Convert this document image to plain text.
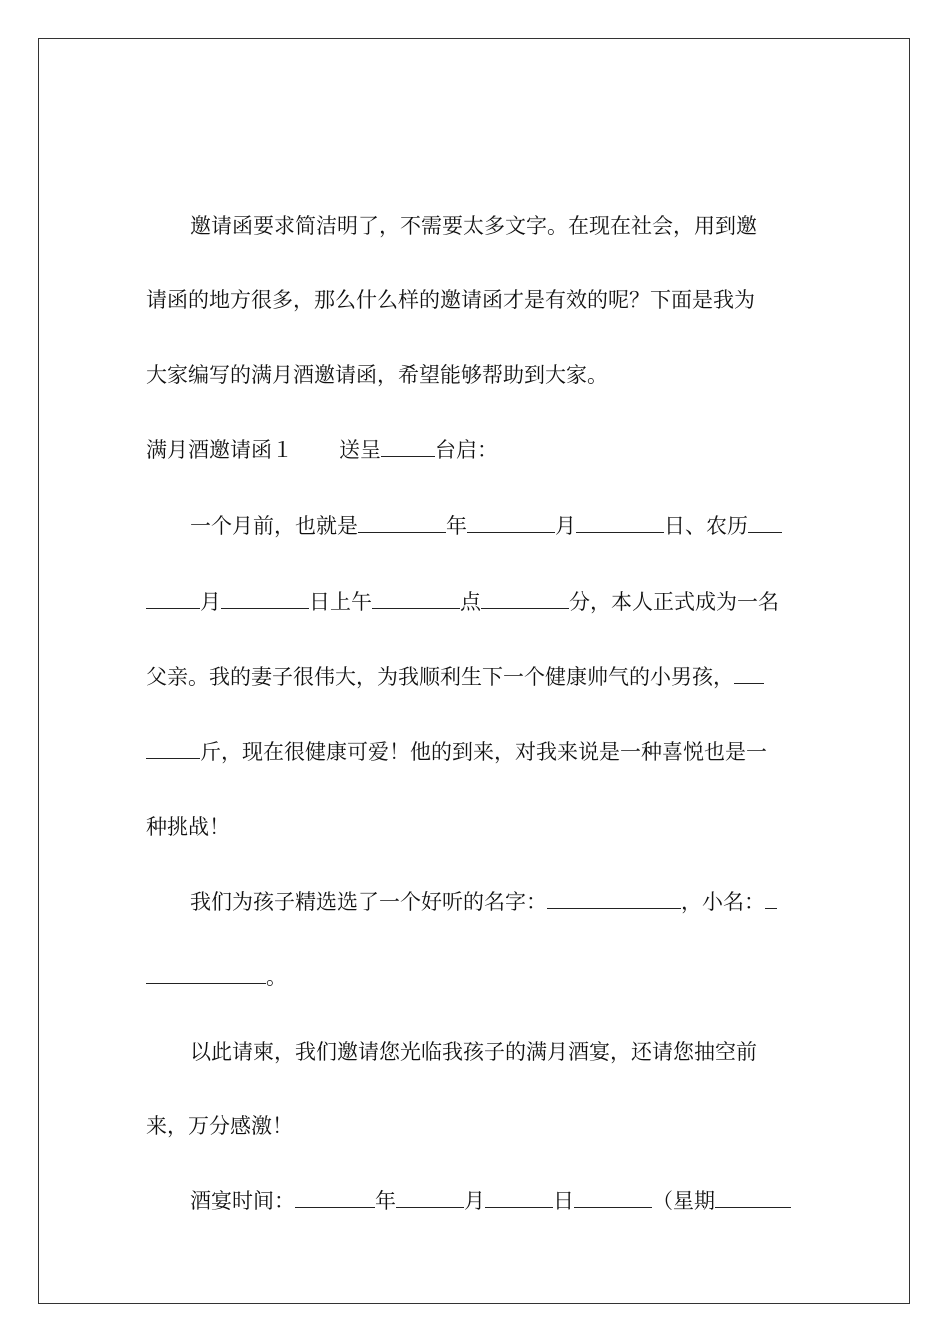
邀请函要求简洁明了，不需要太多文字。在现在社会，用到邀
请函的地方很多，那么什么样的邀请函才是有效的呢？下面是我为
大家编写的满月酒邀请函，希望能够帮助到大家。
满月酒邀请函１ 送呈	台启：
一个月前，也就是	年	月	日、农历
月	日上午	点	分，本人正式成为一名
父亲。我的妻子很伟大，为我顺利生下一个健康帅气的小男孩，
斤，现在很健康可爱！他的到来，对我来说是一种喜悦也是一
种挑战！
我们为孩子精选选了一个好听的名字：	，小名：
。
以此请柬，我们邀请您光临我孩子的满月酒宴，还请您抽空前
来，万分感激！
酒宴时间：	年	月	日	（星期
